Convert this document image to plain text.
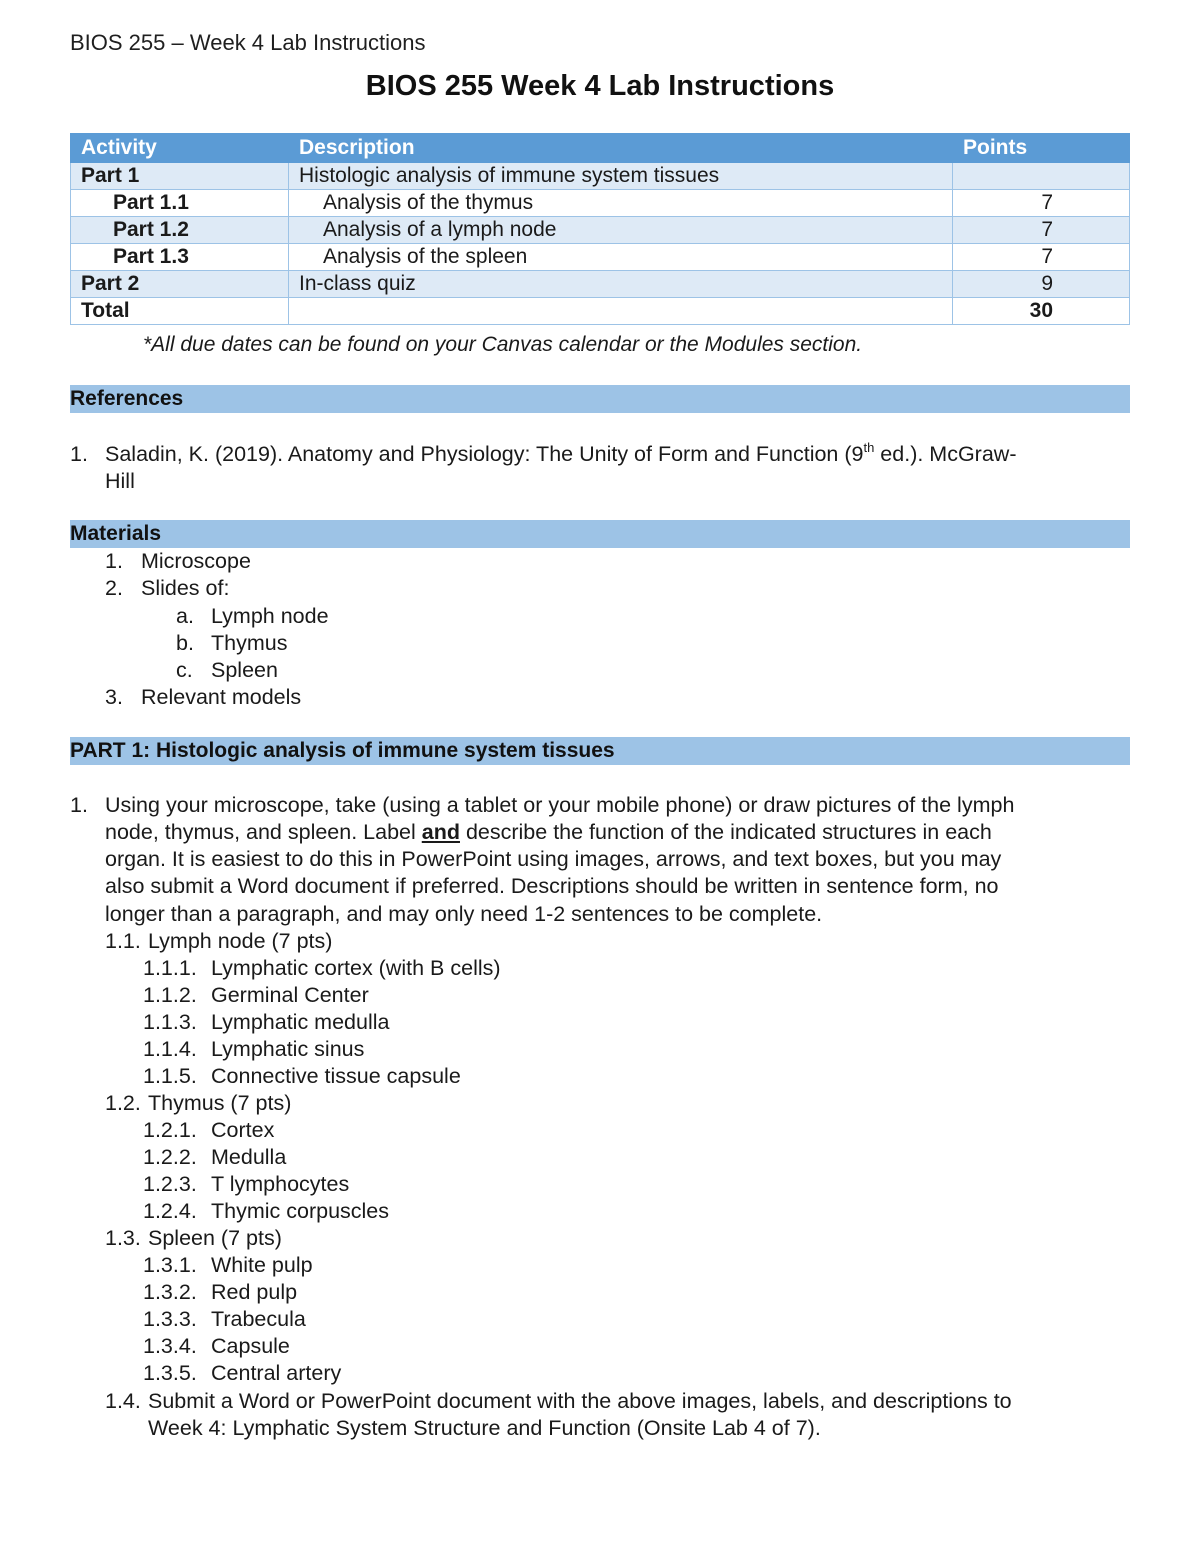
BIOS 255 – Week 4 Lab Instructions
BIOS 255 Week 4 Lab Instructions
Activity	Description	Points
Part 1	Histologic analysis of immune system tissues	
Part 1.1	Analysis of the thymus	7
Part 1.2	Analysis of a lymph node	7
Part 1.3	Analysis of the spleen	7
Part 2	In-class quiz	9
Total		30
*All due dates can be found on your Canvas calendar or the Modules section.
References
1. Saladin, K. (2019). Anatomy and Physiology: The Unity of Form and Function (9th ed.). McGraw-
Hill
Materials
1. Microscope
2. Slides of:
a. Lymph node
b. Thymus
c. Spleen
3. Relevant models
PART 1: Histologic analysis of immune system tissues
1. Using your microscope, take (using a tablet or your mobile phone) or draw pictures of the lymph
node, thymus, and spleen. Label and describe the function of the indicated structures in each
organ. It is easiest to do this in PowerPoint using images, arrows, and text boxes, but you may
also submit a Word document if preferred. Descriptions should be written in sentence form, no
longer than a paragraph, and may only need 1-2 sentences to be complete.
1.1. Lymph node (7 pts)
1.1.1. Lymphatic cortex (with B cells)
1.1.2. Germinal Center
1.1.3. Lymphatic medulla
1.1.4. Lymphatic sinus
1.1.5. Connective tissue capsule
1.2. Thymus (7 pts)
1.2.1. Cortex
1.2.2. Medulla
1.2.3. T lymphocytes
1.2.4. Thymic corpuscles
1.3. Spleen (7 pts)
1.3.1. White pulp
1.3.2. Red pulp
1.3.3. Trabecula
1.3.4. Capsule
1.3.5. Central artery
1.4. Submit a Word or PowerPoint document with the above images, labels, and descriptions to
Week 4: Lymphatic System Structure and Function (Onsite Lab 4 of 7).
